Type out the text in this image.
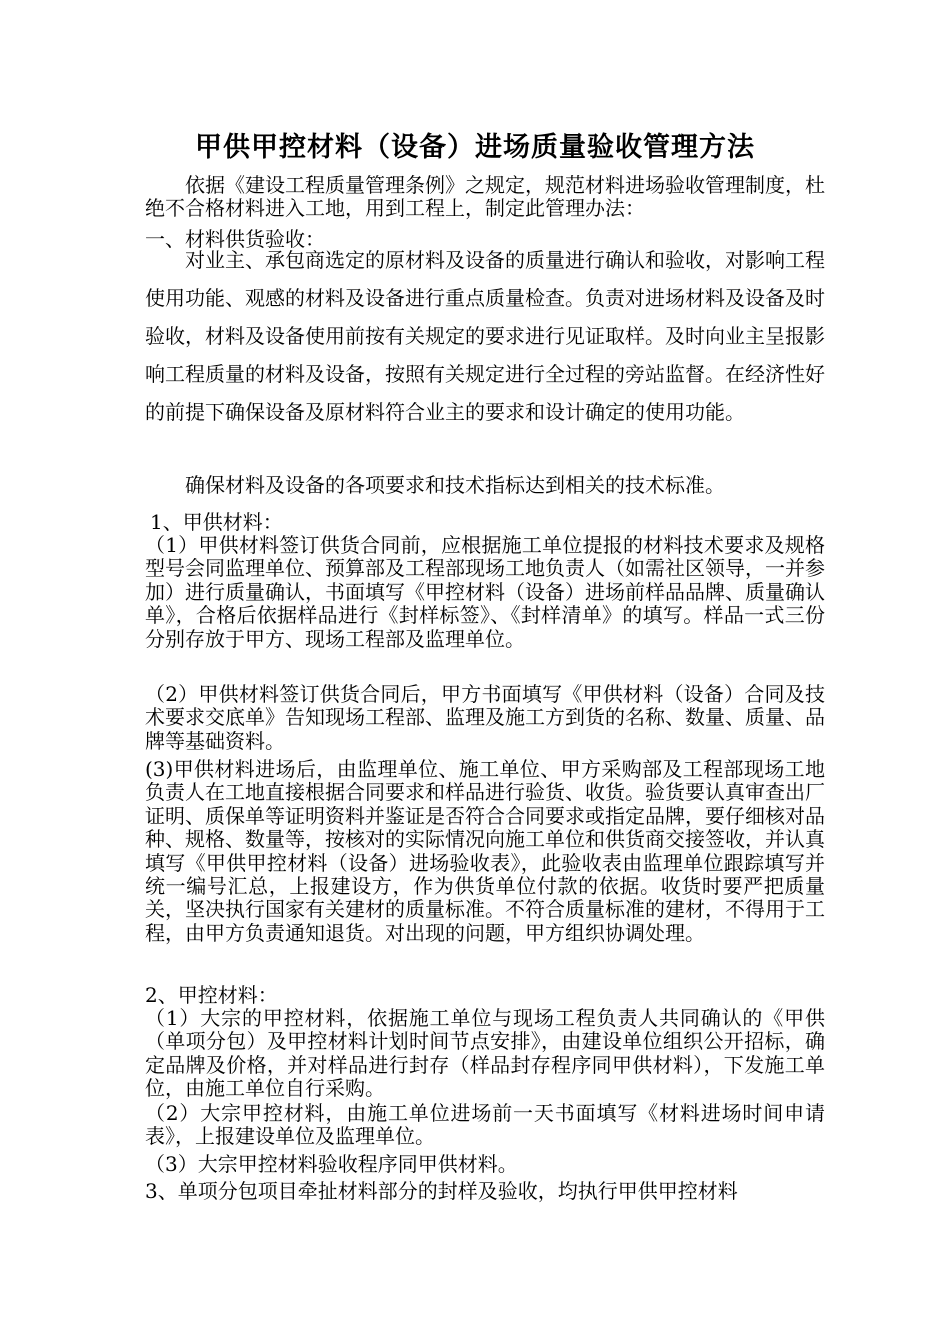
甲供甲控材料（设备）进场质量验收管理方法

依据《建设工程质量管理条例》之规定，规范材料进场验收管理制度，杜绝不合格材料进入工地，用到工程上，制定此管理办法：

一、材料供货验收：

对业主、承包商选定的原材料及设备的质量进行确认和验收，对影响工程使用功能、观感的材料及设备进行重点质量检查。负责对进场材料及设备及时验收，材料及设备使用前按有关规定的要求进行见证取样。及时向业主呈报影响工程质量的材料及设备，按照有关规定进行全过程的旁站监督。在经济性好的前提下确保设备及原材料符合业主的要求和设计确定的使用功能。

确保材料及设备的各项要求和技术指标达到相关的技术标准。

1、甲供材料：

（1）甲供材料签订供货合同前，应根据施工单位提报的材料技术要求及规格型号会同监理单位、预算部及工程部现场工地负责人（如需社区领导，一并参加）进行质量确认，书面填写《甲控材料（设备）进场前样品品牌、质量确认单》，合格后依据样品进行《封样标签》、《封样清单》的填写。样品一式三份分别存放于甲方、现场工程部及监理单位。

（2）甲供材料签订供货合同后，甲方书面填写《甲供材料（设备）合同及技术要求交底单》告知现场工程部、监理及施工方到货的名称、数量、质量、品牌等基础资料。

(3)甲供材料进场后，由监理单位、施工单位、甲方采购部及工程部现场工地负责人在工地直接根据合同要求和样品进行验货、收货。验货要认真审查出厂证明、质保单等证明资料并鉴证是否符合合同要求或指定品牌，要仔细核对品种、规格、数量等，按核对的实际情况向施工单位和供货商交接签收，并认真填写《甲供甲控材料（设备）进场验收表》，此验收表由监理单位跟踪填写并统一编号汇总，上报建设方，作为供货单位付款的依据。收货时要严把质量关，坚决执行国家有关建材的质量标准。不符合质量标准的建材，不得用于工程，由甲方负责通知退货。对出现的问题，甲方组织协调处理。

2、甲控材料：

（1）大宗的甲控材料，依据施工单位与现场工程负责人共同确认的《甲供（单项分包）及甲控材料计划时间节点安排》，由建设单位组织公开招标，确定品牌及价格，并对样品进行封存（样品封存程序同甲供材料），下发施工单位，由施工单位自行采购。

（2）大宗甲控材料，由施工单位进场前一天书面填写《材料进场时间申请表》，上报建设单位及监理单位。

（3）大宗甲控材料验收程序同甲供材料。

3、单项分包项目牵扯材料部分的封样及验收，均执行甲供甲控材料
